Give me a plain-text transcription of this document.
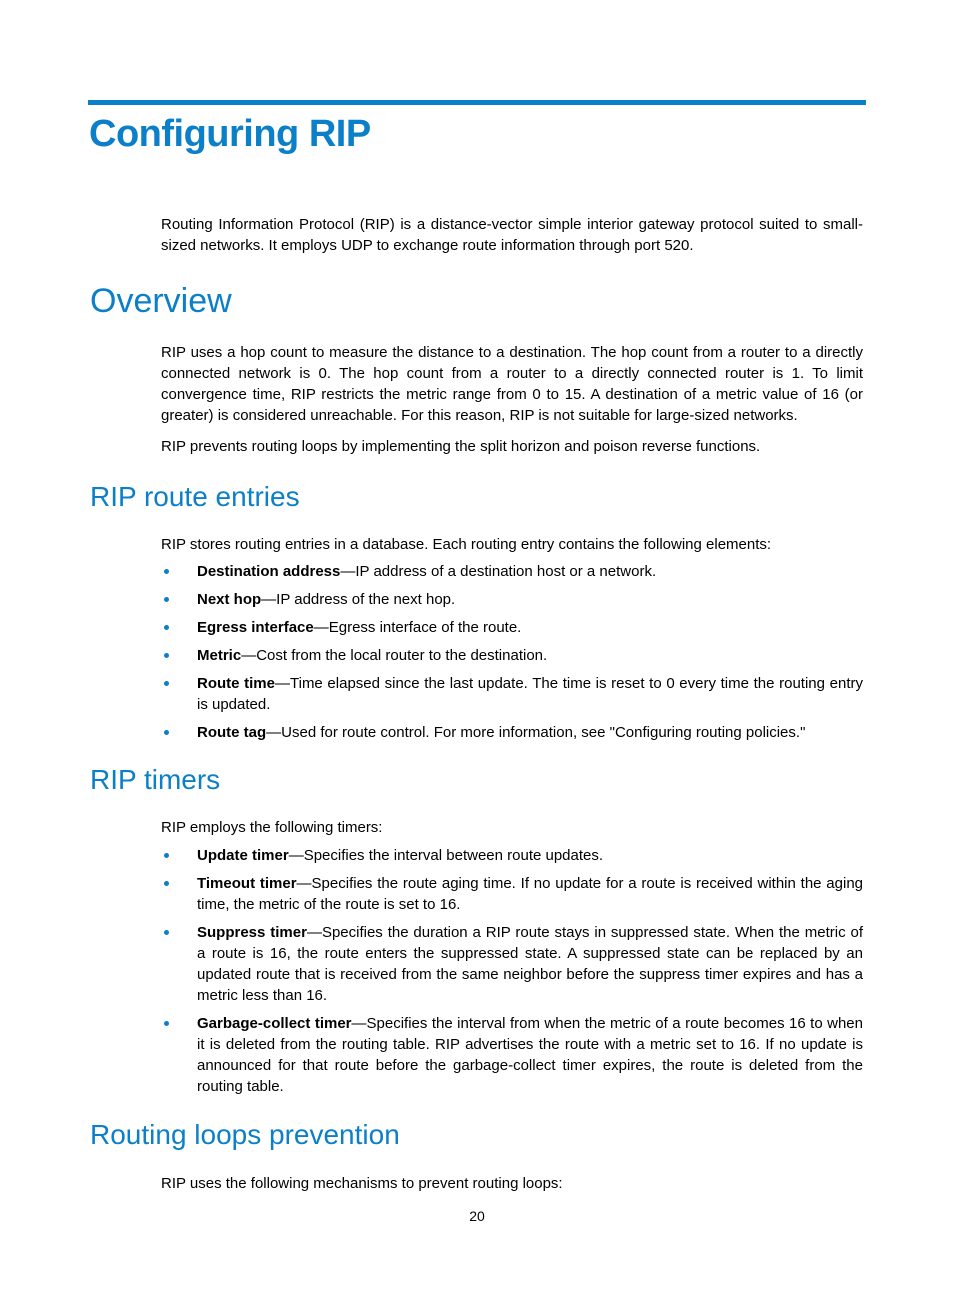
Configuring RIP

Routing Information Protocol (RIP) is a distance-vector simple interior gateway protocol suited to small-sized networks. It employs UDP to exchange route information through port 520.

Overview

RIP uses a hop count to measure the distance to a destination. The hop count from a router to a directly connected network is 0. The hop count from a router to a directly connected router is 1. To limit convergence time, RIP restricts the metric range from 0 to 15. A destination of a metric value of 16 (or greater) is considered unreachable. For this reason, RIP is not suitable for large-sized networks.

RIP prevents routing loops by implementing the split horizon and poison reverse functions.

RIP route entries

RIP stores routing entries in a database. Each routing entry contains the following elements:

Destination address—IP address of a destination host or a network.
Next hop—IP address of the next hop.
Egress interface—Egress interface of the route.
Metric—Cost from the local router to the destination.
Route time—Time elapsed since the last update. The time is reset to 0 every time the routing entry is updated.
Route tag—Used for route control. For more information, see "Configuring routing policies."
RIP timers

RIP employs the following timers:

Update timer—Specifies the interval between route updates.
Timeout timer—Specifies the route aging time. If no update for a route is received within the aging time, the metric of the route is set to 16.
Suppress timer—Specifies the duration a RIP route stays in suppressed state. When the metric of a route is 16, the route enters the suppressed state. A suppressed state can be replaced by an updated route that is received from the same neighbor before the suppress timer expires and has a metric less than 16.
Garbage-collect timer—Specifies the interval from when the metric of a route becomes 16 to when it is deleted from the routing table. RIP advertises the route with a metric set to 16. If no update is announced for that route before the garbage-collect timer expires, the route is deleted from the routing table.
Routing loops prevention

RIP uses the following mechanisms to prevent routing loops:

20
